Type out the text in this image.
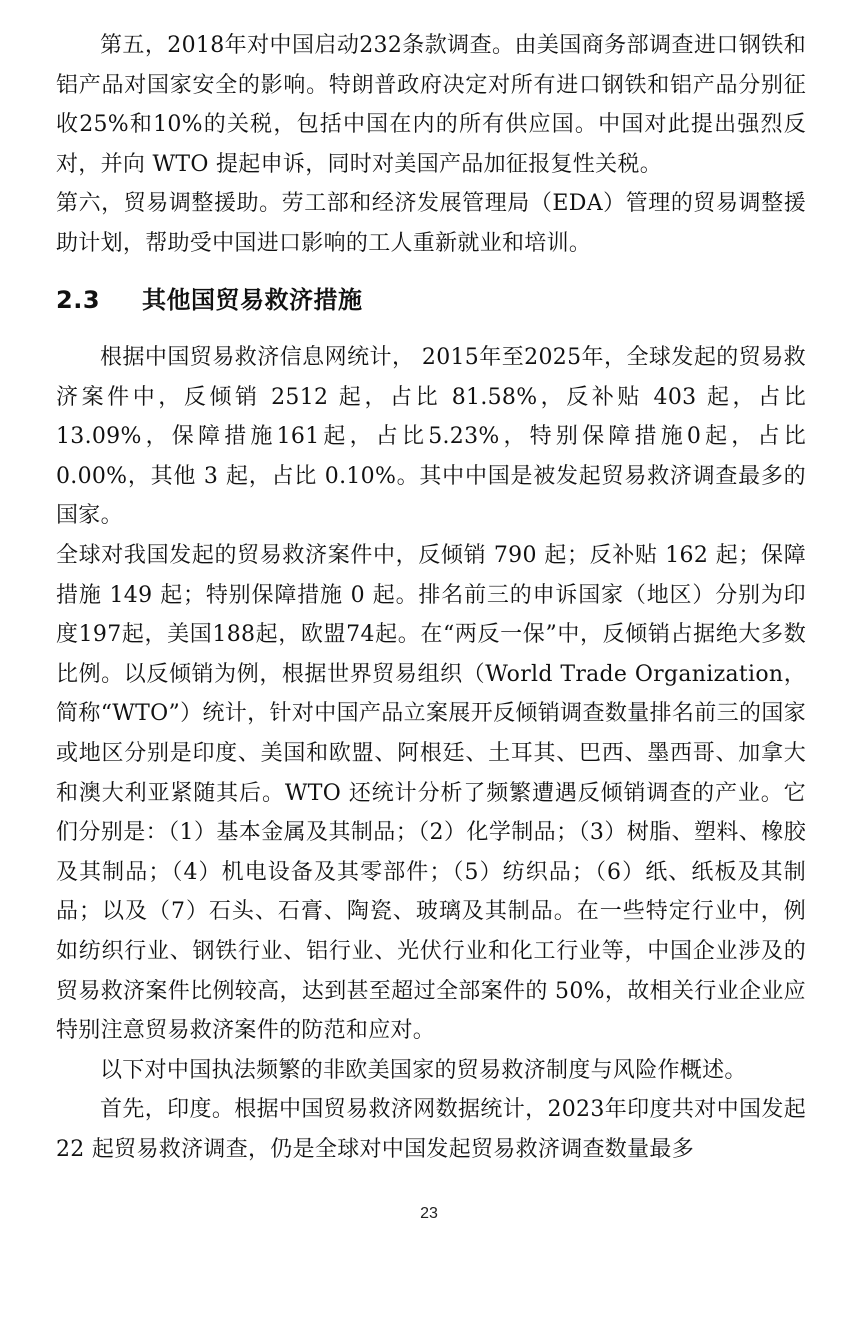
第五，2018年对中国启动232条款调查。由美国商务部调查进口钢铁和铝产品对国家安全的影响。特朗普政府决定对所有进口钢铁和铝产品分别征收25%和10%的关税，包括中国在内的所有供应国。中国对此提出强烈反对，并向 WTO 提起申诉，同时对美国产品加征报复性关税。

第六，贸易调整援助。劳工部和经济发展管理局（EDA）管理的贸易调整援助计划，帮助受中国进口影响的工人重新就业和培训。

2.3 其他国贸易救济措施

根据中国贸易救济信息网统计， 2015年至2025年，全球发起的贸易救济案件中，反倾销 2512 起，占比 81.58%，反补贴 403 起，占比13.09%，保障措施161起，占比5.23%，特别保障措施0起，占比0.00%，其他 3 起，占比 0.10%。其中中国是被发起贸易救济调查最多的国家。

全球对我国发起的贸易救济案件中，反倾销 790 起；反补贴 162 起；保障措施 149 起；特别保障措施 0 起。排名前三的申诉国家（地区）分别为印度197起，美国188起，欧盟74起。在“两反一保”中，反倾销占据绝大多数比例。以反倾销为例，根据世界贸易组织（World Trade Organization，简称“WTO”）统计，针对中国产品立案展开反倾销调查数量排名前三的国家或地区分别是印度、美国和欧盟、阿根廷、土耳其、巴西、墨西哥、加拿大和澳大利亚紧随其后。WTO 还统计分析了频繁遭遇反倾销调查的产业。它们分别是：（1）基本金属及其制品；（2）化学制品；（3）树脂、塑料、橡胶及其制品；（4）机电设备及其零部件；（5）纺织品；（6）纸、纸板及其制品；以及（7）石头、石膏、陶瓷、玻璃及其制品。在一些特定行业中，例如纺织行业、钢铁行业、铝行业、光伏行业和化工行业等，中国企业涉及的贸易救济案件比例较高，达到甚至超过全部案件的 50%，故相关行业企业应特别注意贸易救济案件的防范和应对。

以下对中国执法频繁的非欧美国家的贸易救济制度与风险作概述。

首先，印度。根据中国贸易救济网数据统计，2023年印度共对中国发起 22 起贸易救济调查，仍是全球对中国发起贸易救济调查数量最多

23
